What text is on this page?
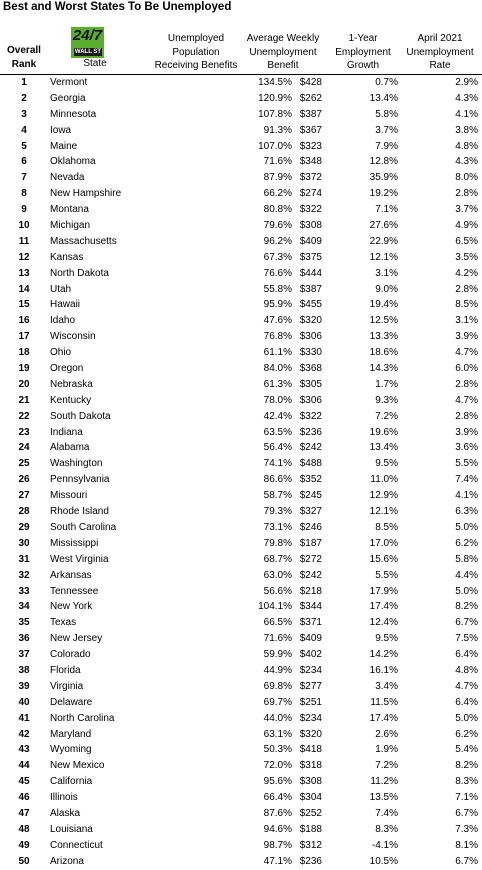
Best and Worst States To Be Unemployed
24/7
WALL ST
Overall
Rank	State
Unemployed
Population
Receiving Benefits
Average Weekly
Unemployment
Benefit
1-Year
Employment
Growth
April 2021
Unemployment
Rate
1	Vermont	134.5% $428	0.7%	2.9%
2	Georgia	120.9% $262	13.4%	4.3%
3	Minnesota	107.8% $387	5.8%	4.1%
4	Iowa	91.3% $367	3.7%	3.8%
5	Maine	107.0% $323	7.9%	4.8%
6	Oklahoma	71.6% $348	12.8%	4.3%
7	Nevada	87.9% $372	35.9%	8.0%
8	New Hampshire	66.2% $274	19.2%	2.8%
9	Montana	80.8% $322	7.1%	3.7%
10	Michigan	79.6% $308	27.6%	4.9%
11	Massachusetts	96.2% $409	22.9%	6.5%
12	Kansas	67.3% $375	12.1%	3.5%
13	North Dakota	76.6% $444	3.1%	4.2%
14	Utah	55.8% $387	9.0%	2.8%
15	Hawaii	95.9% $455	19.4%	8.5%
16	Idaho	47.6% $320	12.5%	3.1%
17	Wisconsin	76.8% $306	13.3%	3.9%
18	Ohio	61.1% $330	18.6%	4.7%
19	Oregon	84.0% $368	14.3%	6.0%
20	Nebraska	61.3% $305	1.7%	2.8%
21	Kentucky	78.0% $306	9.3%	4.7%
22	South Dakota	42.4% $322	7.2%	2.8%
23	Indiana	63.5% $236	19.6%	3.9%
24	Alabama	56.4% $242	13.4%	3.6%
25	Washington	74.1% $488	9.5%	5.5%
26	Pennsylvania	86.6% $352	11.0%	7.4%
27	Missouri	58.7% $245	12.9%	4.1%
28	Rhode Island	79.3% $327	12.1%	6.3%
29	South Carolina	73.1% $246	8.5%	5.0%
30	Mississippi	79.8% $187	17.0%	6.2%
31	West Virginia	68.7% $272	15.6%	5.8%
32	Arkansas	63.0% $242	5.5%	4.4%
33	Tennessee	56.6% $218	17.9%	5.0%
34	New York	104.1% $344	17.4%	8.2%
35	Texas	66.5% $371	12.4%	6.7%
36	New Jersey	71.6% $409	9.5%	7.5%
37	Colorado	59.9% $402	14.2%	6.4%
38	Florida	44.9% $234	16.1%	4.8%
39	Virginia	69.8% $277	3.4%	4.7%
40	Delaware	69.7% $251	11.5%	6.4%
41	North Carolina	44.0% $234	17.4%	5.0%
42	Maryland	63.1% $320	2.6%	6.2%
43	Wyoming	50.3% $418	1.9%	5.4%
44	New Mexico	72.0% $318	7.2%	8.2%
45	California	95.6% $308	11.2%	8.3%
46	Illinois	66.4% $304	13.5%	7.1%
47	Alaska	87.6% $252	7.4%	6.7%
48	Louisiana	94.6% $188	8.3%	7.3%
49	Connecticut	98.7% $312	-4.1%	8.1%
50	Arizona	47.1% $236	10.5%	6.7%
